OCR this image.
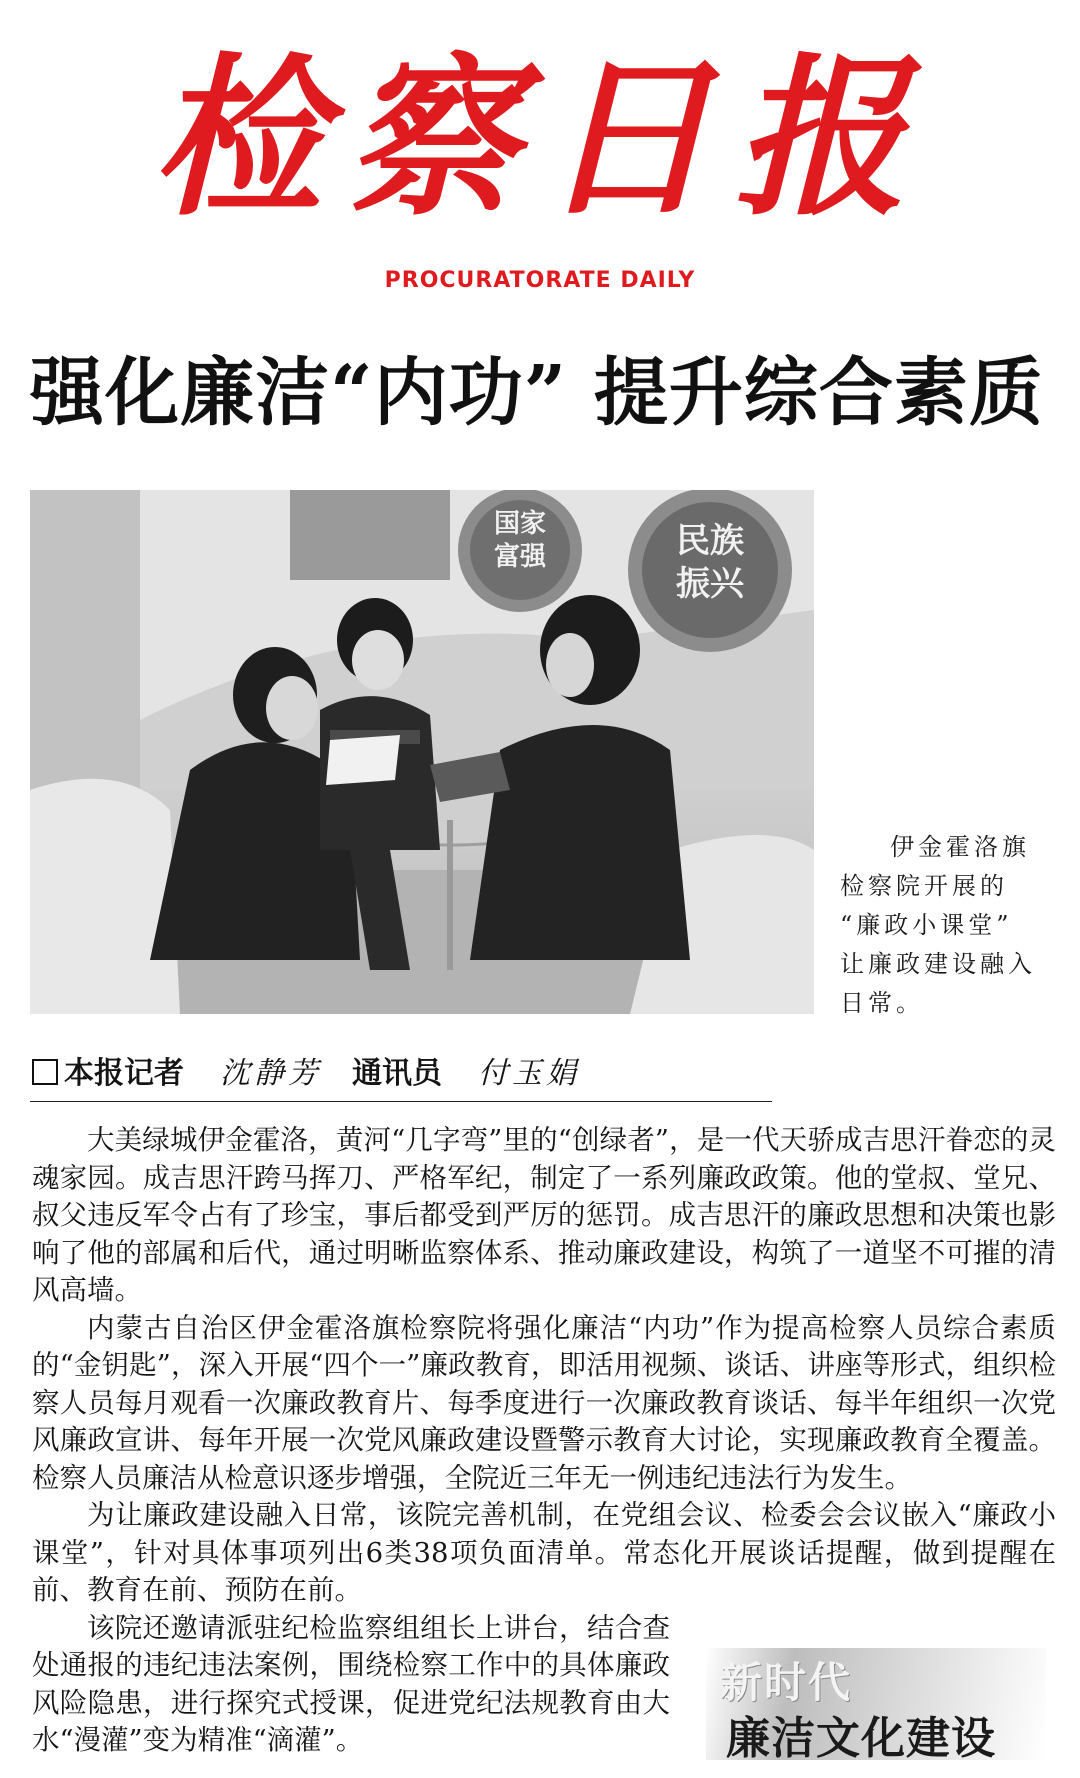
检察日报
PROCURATORATE DAILY
强化廉洁“内功” 提升综合素质
国家
富强	民族
振兴
伊金霍洛旗
检察院开展的
“廉政小课堂”
让廉政建设融入
日常。
本报记者 沈静芳 通讯员 付玉娟

大美绿城伊金霍洛，黄河“几字弯”里的“创绿者”，是一代天骄成吉思汗眷恋的灵魂家园。成吉思汗跨马挥刀、严格军纪，制定了一系列廉政政策。他的堂叔、堂兄、叔父违反军令占有了珍宝，事后都受到严厉的惩罚。成吉思汗的廉政思想和决策也影响了他的部属和后代，通过明晰监察体系、推动廉政建设，构筑了一道坚不可摧的清风高墙。

内蒙古自治区伊金霍洛旗检察院将强化廉洁“内功”作为提高检察人员综合素质的“金钥匙”，深入开展“四个一”廉政教育，即活用视频、谈话、讲座等形式，组织检察人员每月观看一次廉政教育片、每季度进行一次廉政教育谈话、每半年组织一次党风廉政宣讲、每年开展一次党风廉政建设暨警示教育大讨论，实现廉政教育全覆盖。检察人员廉洁从检意识逐步增强，全院近三年无一例违纪违法行为发生。

为让廉政建设融入日常，该院完善机制，在党组会议、检委会会议嵌入“廉政小课堂”，针对具体事项列出6类38项负面清单。常态化开展谈话提醒，做到提醒在前、教育在前、预防在前。

该院还邀请派驻纪检监察组组长上讲台，结合查处通报的违纪违法案例，围绕检察工作中的具体廉政风险隐患，进行探究式授课，促进党纪法规教育由大水“漫灌”变为精准“滴灌”。

新时代
廉洁文化建设
